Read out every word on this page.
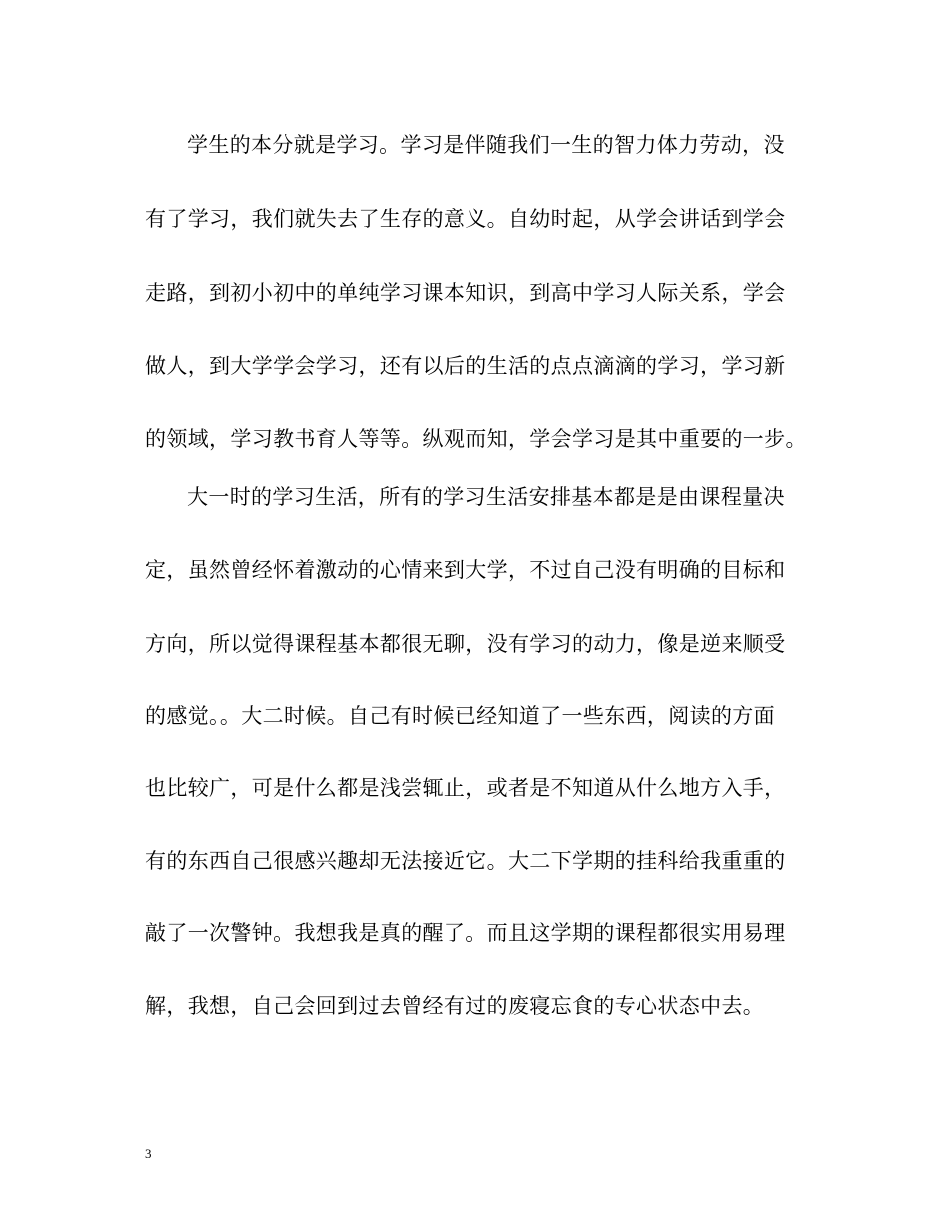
学生的本分就是学习。学习是伴随我们一生的智力体力劳动，没
有了学习，我们就失去了生存的意义。自幼时起，从学会讲话到学会
走路，到初小初中的单纯学习课本知识，到高中学习人际关系，学会
做人，到大学学会学习，还有以后的生活的点点滴滴的学习，学习新
的领域，学习教书育人等等。纵观而知，学会学习是其中重要的一步。
大一时的学习生活，所有的学习生活安排基本都是是由课程量决
定，虽然曾经怀着激动的心情来到大学，不过自己没有明确的目标和
方向，所以觉得课程基本都很无聊，没有学习的动力，像是逆来顺受
的感觉。。大二时候。自己有时候已经知道了一些东西，阅读的方面
也比较广，可是什么都是浅尝辄止，或者是不知道从什么地方入手，
有的东西自己很感兴趣却无法接近它。大二下学期的挂科给我重重的
敲了一次警钟。我想我是真的醒了。而且这学期的课程都很实用易理
解，我想，自己会回到过去曾经有过的废寝忘食的专心状态中去。
3
